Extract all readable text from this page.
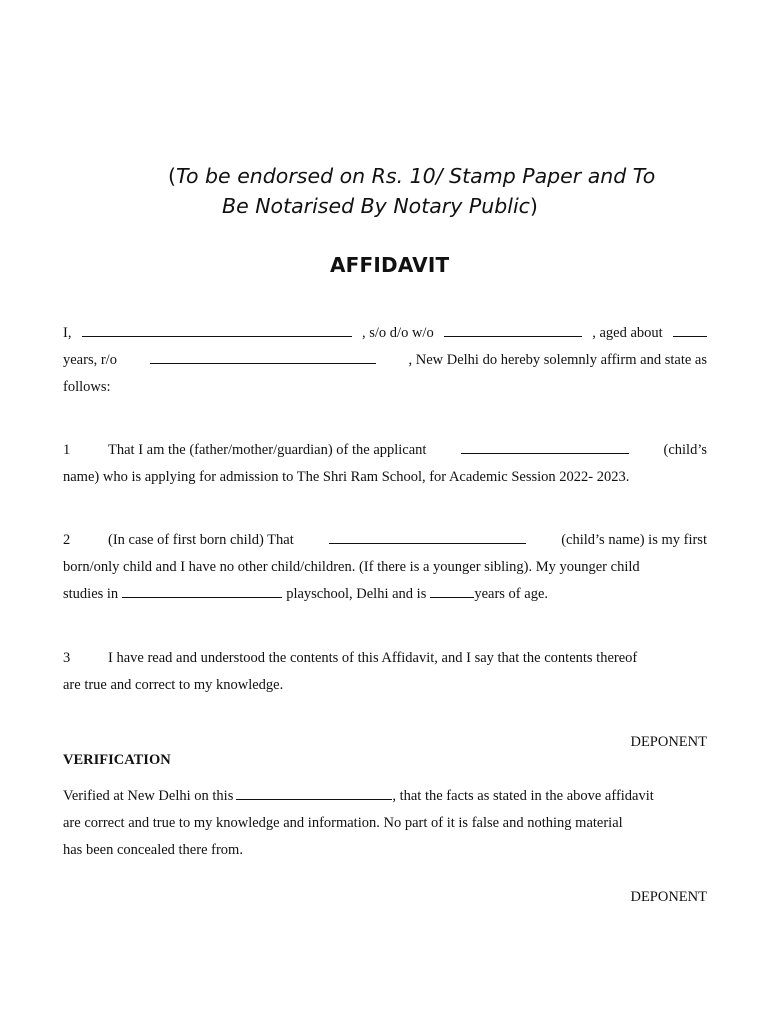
(To be endorsed on Rs. 10/ Stamp Paper and To
Be Notarised By Notary Public)
AFFIDAVIT
I,	, s/o d/o w/o	, aged about
years, r/o	, New Delhi do hereby solemnly affirm and state as
follows:
1	That I am the (father/mother/guardian) of the applicant	(child’s
name) who is applying for admission to The Shri Ram School, for Academic Session 2022- 2023.
2	(In case of first born child) That	(child’s name) is my first
born/only child and I have no other child/children. (If there is a younger sibling). My younger child
studies in	playschool, Delhi and is	years of age.
3	I have read and understood the contents of this Affidavit, and I say that the contents thereof
are true and correct to my knowledge.
DEPONENT
VERIFICATION
Verified at New Delhi on this	, that the facts as stated in the above affidavit
are correct and true to my knowledge and information. No part of it is false and nothing material
has been concealed there from.
DEPONENT
